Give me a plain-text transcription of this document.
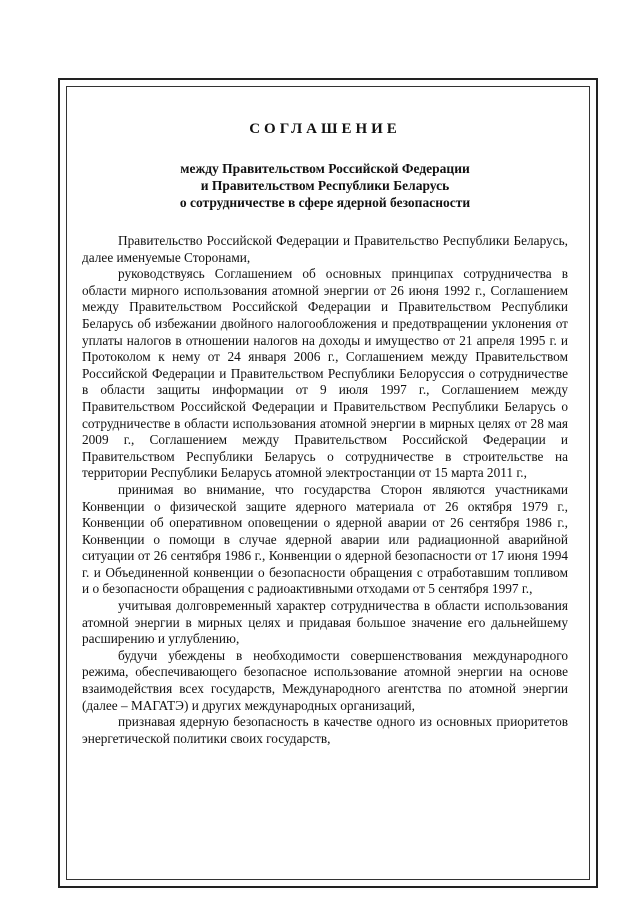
СОГЛАШЕНИЕ
между Правительством Российской Федерации
и Правительством Республики Беларусь
о сотрудничестве в сфере ядерной безопасности

Правительство Российской Федерации и Правительство Республики Беларусь, далее именуемые Сторонами,

руководствуясь Соглашением об основных принципах сотрудничества в области мирного использования атомной энергии от 26 июня 1992 г., Соглашением между Правительством Российской Федерации и Правительством Республики Беларусь об избежании двойного налогообложения и предотвращении уклонения от уплаты налогов в отношении налогов на доходы и имущество от 21 апреля 1995 г. и Протоколом к нему от 24 января 2006 г., Соглашением между Правительством Российской Федерации и Правительством Республики Белоруссия о сотрудничестве в области защиты информации от 9 июля 1997 г., Соглашением между Правительством Российской Федерации и Правительством Республики Беларусь о сотрудничестве в области использования атомной энергии в мирных целях от 28 мая 2009 г., Соглашением между Правительством Российской Федерации и Правительством Республики Беларусь о сотрудничестве в строительстве на территории Республики Беларусь атомной электростанции от 15 марта 2011 г.,

принимая во внимание, что государства Сторон являются участниками Конвенции о физической защите ядерного материала от 26 октября 1979 г., Конвенции об оперативном оповещении о ядерной аварии от 26 сентября 1986 г., Конвенции о помощи в случае ядерной аварии или радиационной аварийной ситуации от 26 сентября 1986 г., Конвенции о ядерной безопасности от 17 июня 1994 г. и Объединенной конвенции о безопасности обращения с отработавшим топливом и о безопасности обращения с радиоактивными отходами от 5 сентября 1997 г.,

учитывая долговременный характер сотрудничества в области использования атомной энергии в мирных целях и придавая большое значение его дальнейшему расширению и углублению,

будучи убеждены в необходимости совершенствования международного режима, обеспечивающего безопасное использование атомной энергии на основе взаимодействия всех государств, Международного агентства по атомной энергии (далее – МАГАТЭ) и других международных организаций,

признавая ядерную безопасность в качестве одного из основных приоритетов энергетической политики своих государств,
